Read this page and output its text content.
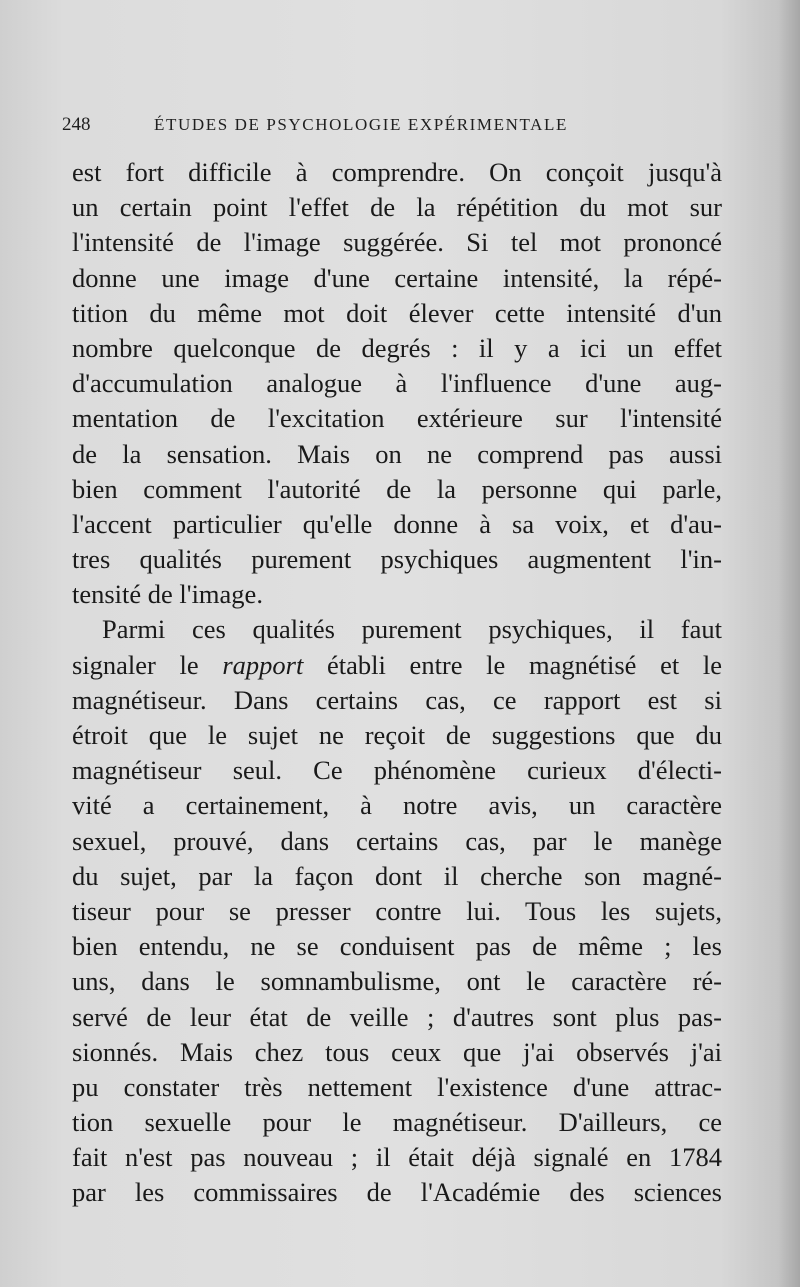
248	ÉTUDES DE PSYCHOLOGIE EXPÉRIMENTALE
est fort difficile à comprendre. On conçoit jusqu'à
un certain point l'effet de la répétition du mot sur
l'intensité de l'image suggérée. Si tel mot prononcé
donne une image d'une certaine intensité, la répé-
tition du même mot doit élever cette intensité d'un
nombre quelconque de degrés : il y a ici un effet
d'accumulation analogue à l'influence d'une aug-
mentation de l'excitation extérieure sur l'intensité
de la sensation. Mais on ne comprend pas aussi
bien comment l'autorité de la personne qui parle,
l'accent particulier qu'elle donne à sa voix, et d'au-
tres qualités purement psychiques augmentent l'in-
tensité de l'image.
Parmi ces qualités purement psychiques, il faut
signaler le rapport établi entre le magnétisé et le
magnétiseur. Dans certains cas, ce rapport est si
étroit que le sujet ne reçoit de suggestions que du
magnétiseur seul. Ce phénomène curieux d'électi-
vité a certainement, à notre avis, un caractère
sexuel, prouvé, dans certains cas, par le manège
du sujet, par la façon dont il cherche son magné-
tiseur pour se presser contre lui. Tous les sujets,
bien entendu, ne se conduisent pas de même ; les
uns, dans le somnambulisme, ont le caractère ré-
servé de leur état de veille ; d'autres sont plus pas-
sionnés. Mais chez tous ceux que j'ai observés j'ai
pu constater très nettement l'existence d'une attrac-
tion sexuelle pour le magnétiseur. D'ailleurs, ce
fait n'est pas nouveau ; il était déjà signalé en 1784
par les commissaires de l'Académie des sciences
